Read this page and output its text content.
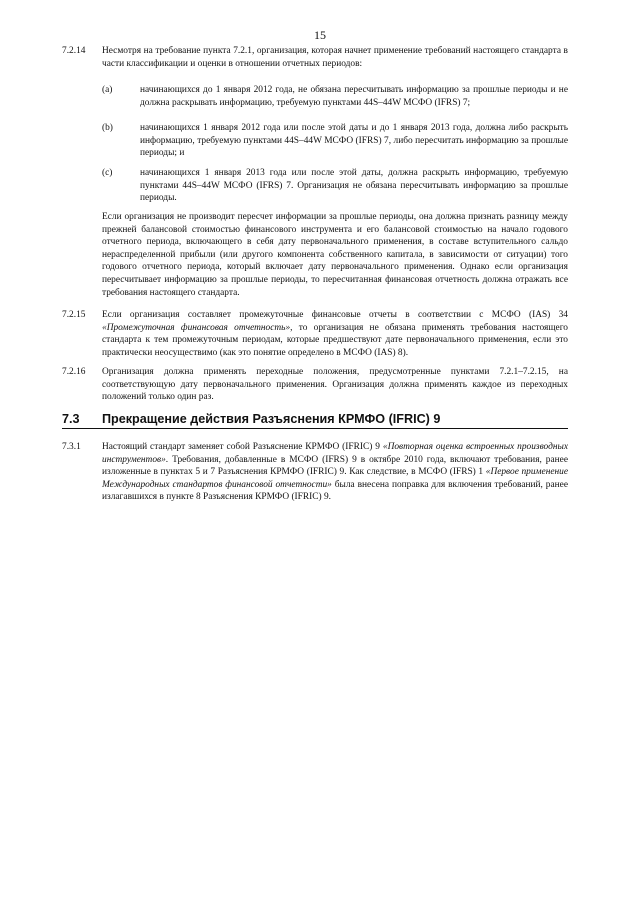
15
7.2.14	Несмотря на требование пункта 7.2.1, организация, которая начнет применение требований настоящего стандарта в части классификации и оценки в отношении отчетных периодов:

(a)	начинающихся до 1 января 2012 года, не обязана пересчитывать информацию за прошлые периоды и не должна раскрывать информацию, требуемую пунктами 44S–44W МСФО (IFRS) 7;
(b)	начинающихся 1 января 2012 года или после этой даты и до 1 января 2013 года, должна либо раскрыть информацию, требуемую пунктами 44S–44W МСФО (IFRS) 7, либо пересчитать информацию за прошлые периоды; и
(c)	начинающихся 1 января 2013 года или после этой даты, должна раскрыть информацию, требуемую пунктами 44S–44W МСФО (IFRS) 7. Организация не обязана пересчитывать информацию за прошлые периоды.
Если организация не производит пересчет информации за прошлые периоды, она должна признать разницу между прежней балансовой стоимостью финансового инструмента и его балансовой стоимостью на начало годового отчетного периода, включающего в себя дату первоначального применения, в составе вступительного сальдо нераспределенной прибыли (или другого компонента собственного капитала, в зависимости от ситуации) того годового отчетного периода, который включает дату первоначального применения. Однако если организация пересчитывает информацию за прошлые периоды, то пересчитанная финансовая отчетность должна отражать все требования настоящего стандарта.
7.2.15	Если организация составляет промежуточные финансовые отчеты в соответствии с МСФО (IAS) 34 «Промежуточная финансовая отчетность», то организация не обязана применять требования настоящего стандарта к тем промежуточным периодам, которые предшествуют дате первоначального применения, если это практически неосуществимо (как это понятие определено в МСФО (IAS) 8).

7.2.16	Организация должна применять переходные положения, предусмотренные пунктами 7.2.1–7.2.15, на соответствующую дату первоначального применения. Организация должна применять каждое из переходных положений только один раз.

7.3 Прекращение действия Разъяснения КРМФО (IFRIC) 9
7.3.1	Настоящий стандарт заменяет собой Разъяснение КРМФО (IFRIC) 9 «Повторная оценка встроенных производных инструментов». Требования, добавленные в МСФО (IFRS) 9 в октябре 2010 года, включают требования, ранее изложенные в пунктах 5 и 7 Разъяснения КРМФО (IFRIC) 9. Как следствие, в МСФО (IFRS) 1 «Первое применение Международных стандартов финансовой отчетности» была внесена поправка для включения требований, ранее излагавшихся в пункте 8 Разъяснения КРМФО (IFRIC) 9.
